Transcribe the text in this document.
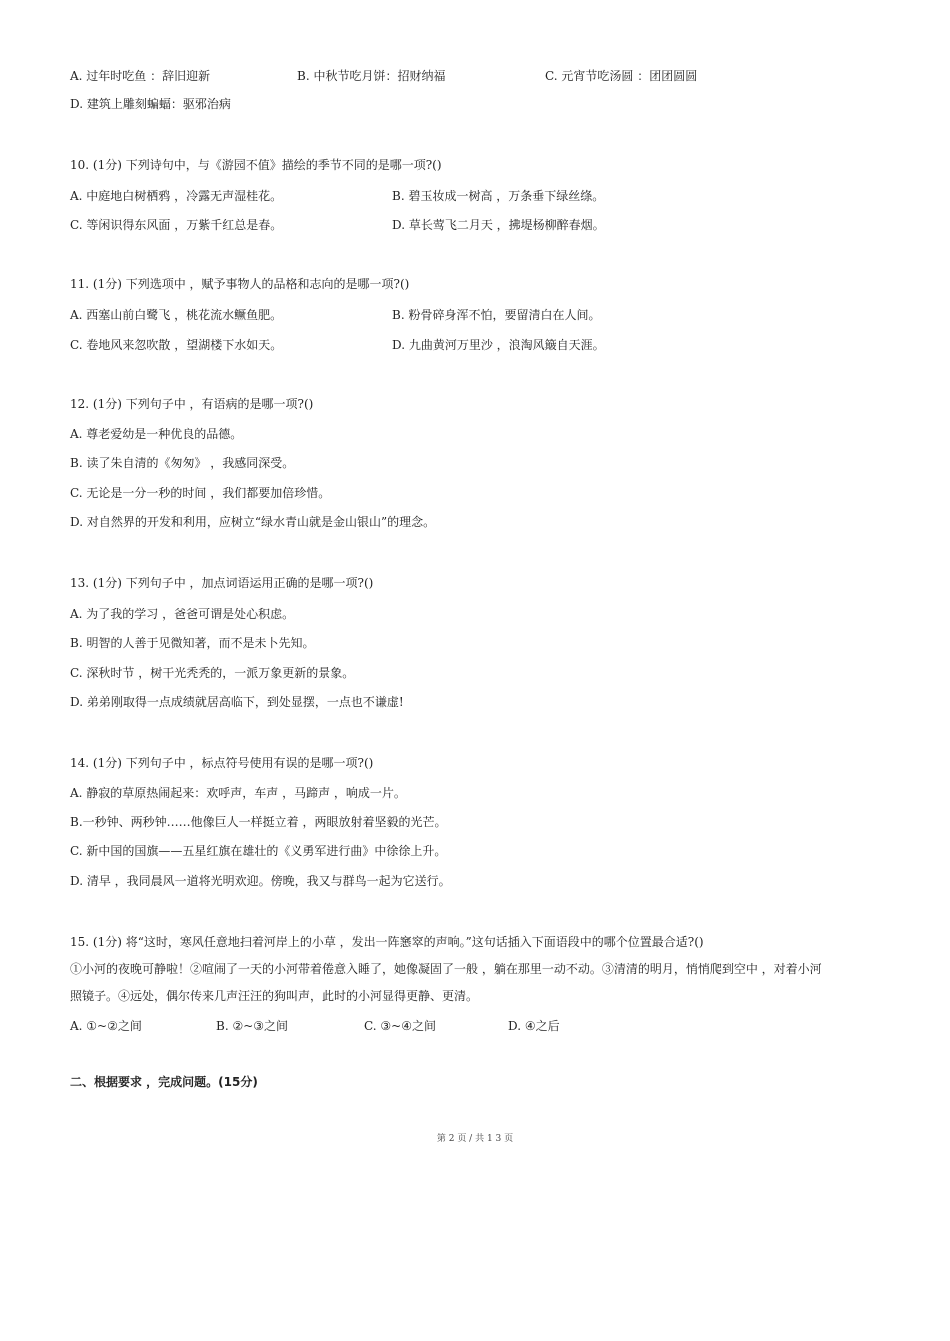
A. 过年时吃鱼 ：辞旧迎新	B. 中秋节吃月饼：招财纳福	C. 元宵节吃汤圆 ：团团圆圆
D. 建筑上雕刻蝙蝠：驱邪治病
10. (1分) 下列诗句中，与《游园不值》描绘的季节不同的是哪一项?()
A. 中庭地白树栖鸦 ，冷露无声湿桂花。	B. 碧玉妆成一树高 ，万条垂下绿丝绦。
C. 等闲识得东风面 ，万紫千红总是春。	D. 草长莺飞二月天 ，拂堤杨柳醉春烟。
11. (1分) 下列选项中 ，赋予事物人的品格和志向的是哪一项?()
A. 西塞山前白鹭飞 ，桃花流水鳜鱼肥。	B. 粉骨碎身浑不怕，要留清白在人间。
C. 卷地风来忽吹散 ，望湖楼下水如天。	D. 九曲黄河万里沙 ，浪淘风簸自天涯。
12. (1分) 下列句子中 ，有语病的是哪一项?()
A. 尊老爱幼是一种优良的品德。
B. 读了朱自清的《匆匆》 ，我感同深受。
C. 无论是一分一秒的时间 ，我们都要加倍珍惜。
D. 对自然界的开发和利用，应树立“绿水青山就是金山银山”的理念。
13. (1分) 下列句子中 ，加点词语运用正确的是哪一项?()
A. 为了我的学习 ，爸爸可谓是处心积虑。
B. 明智的人善于见微知著，而不是未卜先知。
C. 深秋时节 ，树干光秃秃的，一派万象更新的景象。
D. 弟弟刚取得一点成绩就居高临下，到处显摆，一点也不谦虚!
14. (1分) 下列句子中 ，标点符号使用有误的是哪一项?()
A. 静寂的草原热闹起来：欢呼声，车声 ，马蹄声 ，响成一片。
B.一秒钟、两秒钟……他像巨人一样挺立着 ，两眼放射着坚毅的光芒。
C. 新中国的国旗——五星红旗在雄壮的《义勇军进行曲》中徐徐上升。
D. 清早 ，我同晨风一道将光明欢迎。傍晚，我又与群鸟一起为它送行。
15. (1分) 将“这时，寒风任意地扫着河岸上的小草 ，发出一阵窸窣的声响。”这句话插入下面语段中的哪个位置最合适?()
①小河的夜晚可静啦！②喧闹了一天的小河带着倦意入睡了，她像凝固了一般 ，躺在那里一动不动。③清清的明月，悄悄爬到空中 ，对着小河
照镜子。④远处，偶尔传来几声汪汪的狗叫声，此时的小河显得更静、更清。
A. ①~②之间	B. ②~③之间	C. ③~④之间	D. ④之后
二、根据要求 ，完成问题。(15分)
第 2 页 / 共 1 3 页
